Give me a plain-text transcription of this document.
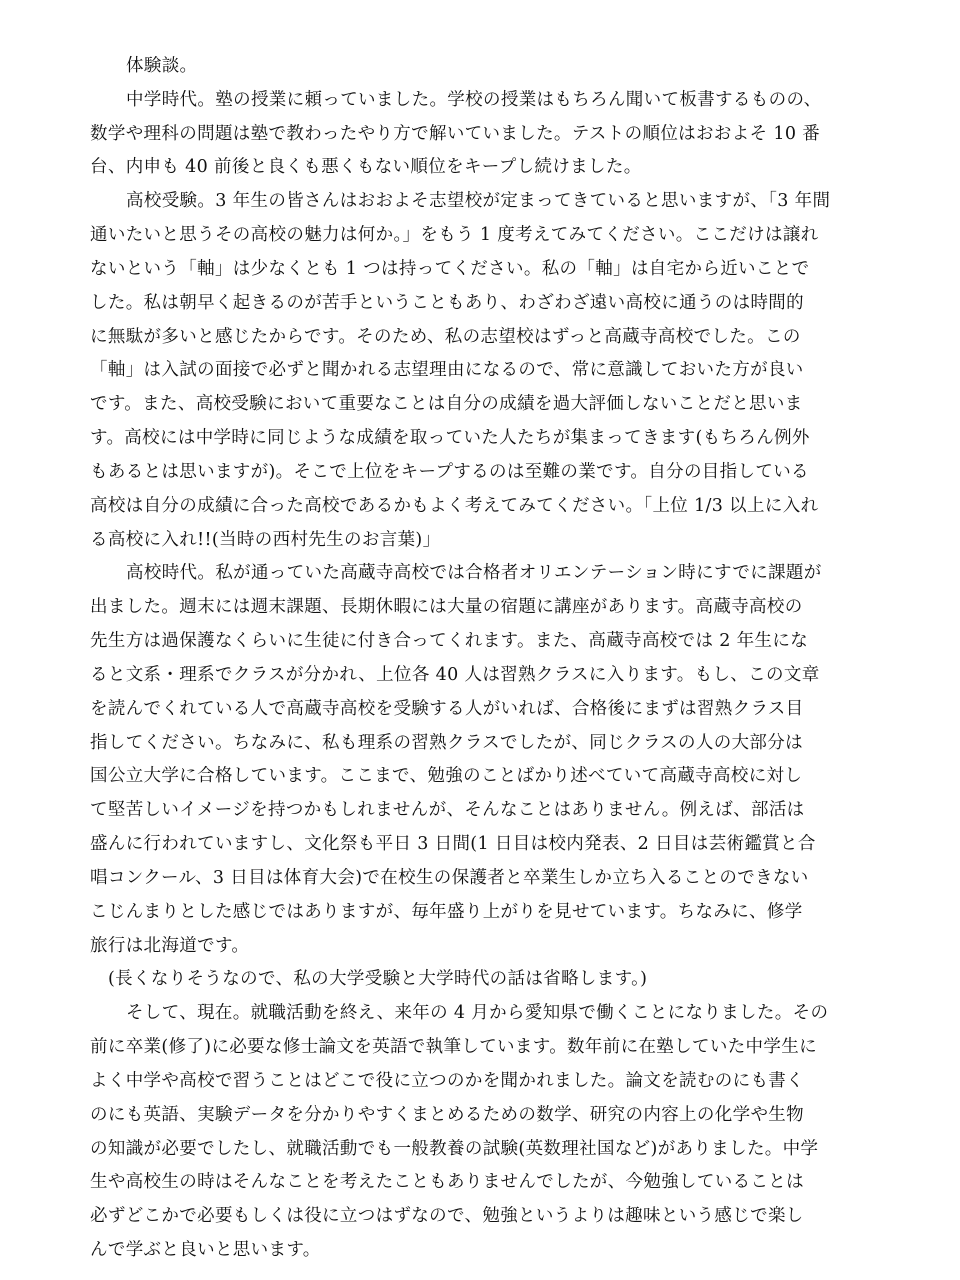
体験談。
中学時代。塾の授業に頼っていました。学校の授業はもちろん聞いて板書するものの、
数学や理科の問題は塾で教わったやり方で解いていました。テストの順位はおおよそ 10 番
台、内申も 40 前後と良くも悪くもない順位をキープし続けました。
高校受験。3 年生の皆さんはおおよそ志望校が定まってきていると思いますが、「3 年間
通いたいと思うその高校の魅力は何か。」をもう 1 度考えてみてください。ここだけは譲れ
ないという「軸」は少なくとも 1 つは持ってください。私の「軸」は自宅から近いことで
した。私は朝早く起きるのが苦手ということもあり、わざわざ遠い高校に通うのは時間的
に無駄が多いと感じたからです。そのため、私の志望校はずっと高蔵寺高校でした。この
「軸」は入試の面接で必ずと聞かれる志望理由になるので、常に意識しておいた方が良い
です。また、高校受験において重要なことは自分の成績を過大評価しないことだと思いま
す。高校には中学時に同じような成績を取っていた人たちが集まってきます(もちろん例外
もあるとは思いますが)。そこで上位をキープするのは至難の業です。自分の目指している
高校は自分の成績に合った高校であるかもよく考えてみてください。「上位 1/3 以上に入れ
る高校に入れ!!(当時の西村先生のお言葉)」
高校時代。私が通っていた高蔵寺高校では合格者オリエンテーション時にすでに課題が
出ました。週末には週末課題、長期休暇には大量の宿題に講座があります。高蔵寺高校の
先生方は過保護なくらいに生徒に付き合ってくれます。また、高蔵寺高校では 2 年生にな
ると文系・理系でクラスが分かれ、上位各 40 人は習熟クラスに入ります。もし、この文章
を読んでくれている人で高蔵寺高校を受験する人がいれば、合格後にまずは習熟クラス目
指してください。ちなみに、私も理系の習熟クラスでしたが、同じクラスの人の大部分は
国公立大学に合格しています。ここまで、勉強のことばかり述べていて高蔵寺高校に対し
て堅苦しいイメージを持つかもしれませんが、そんなことはありません。例えば、部活は
盛んに行われていますし、文化祭も平日 3 日間(1 日目は校内発表、2 日目は芸術鑑賞と合
唱コンクール、3 日目は体育大会)で在校生の保護者と卒業生しか立ち入ることのできない
こじんまりとした感じではありますが、毎年盛り上がりを見せています。ちなみに、修学
旅行は北海道です。
(長くなりそうなので、私の大学受験と大学時代の話は省略します。)
そして、現在。就職活動を終え、来年の 4 月から愛知県で働くことになりました。その
前に卒業(修了)に必要な修士論文を英語で執筆しています。数年前に在塾していた中学生に
よく中学や高校で習うことはどこで役に立つのかを聞かれました。論文を読むのにも書く
のにも英語、実験データを分かりやすくまとめるための数学、研究の内容上の化学や生物
の知識が必要でしたし、就職活動でも一般教養の試験(英数理社国など)がありました。中学
生や高校生の時はそんなことを考えたこともありませんでしたが、今勉強していることは
必ずどこかで必要もしくは役に立つはずなので、勉強というよりは趣味という感じで楽し
んで学ぶと良いと思います。
